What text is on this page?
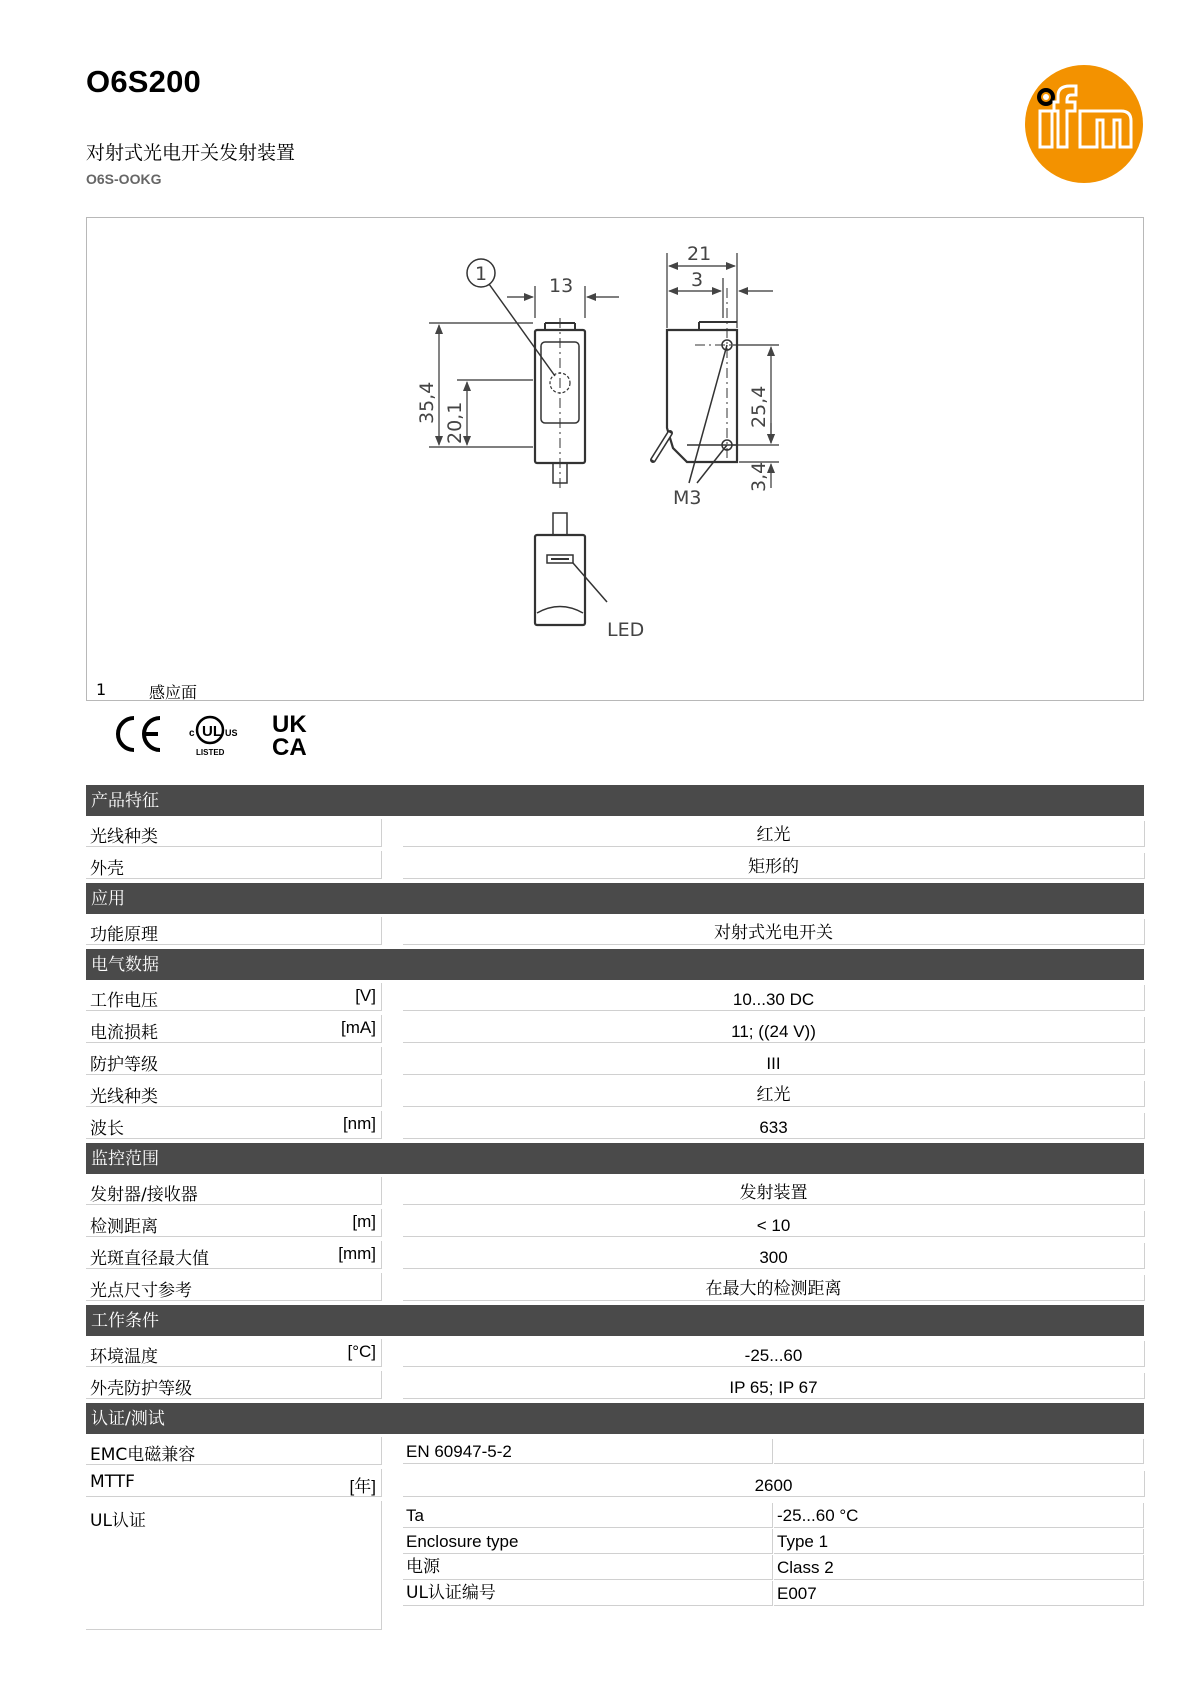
O6S200
对射式光电开关发射装置
O6S-OOKG
1
13
21
3
35,4 20,1	25,4
3,4
M3
LED
1	感应面
UL
c	US
LISTED
UK
CA
产品特征
光线种类	红光
外壳	矩形的
应用
功能原理	对射式光电开关
电气数据
工作电压	[V]	10...30 DC
电流损耗	[mA]	11; ((24 V))
防护等级	III
光线种类	红光
波长	[nm]	633
监控范围
发射器/接收器	发射装置
检测距离	[m]	< 10
光斑直径最大值	[mm]	300
光点尺寸参考	在最大的检测距离
工作条件
环境温度	[°C]	-25...60
外壳防护等级	IP 65; IP 67
认证/测试
EMC电磁兼容	EN 60947-5-2
MTTF	[年]	2600
UL认证	Ta	-25...60 °C
Enclosure type	Type 1
电源	Class 2
UL认证编号	E007
